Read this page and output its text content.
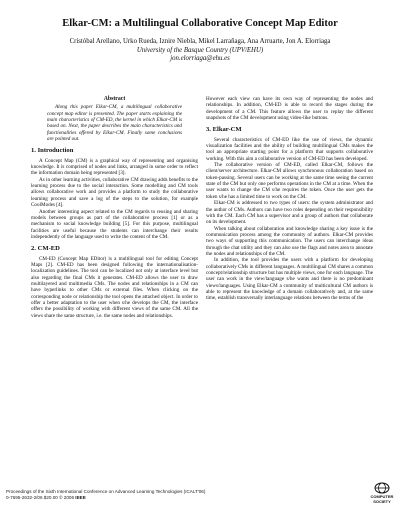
Elkar-CM: a Multilingual Collaborative Concept Map Editor
Cristóbal Arellano, Urko Rueda, Iznire Niebla, Mikel Larrañaga, Ana Arruarte, Jon A. Elorriaga
University of the Basque Country (UPV/EHU)
jon.elorriaga@ehu.es
Abstract

Along this paper Elkar-CM, a multilingual collaborative concept map editor is presented. The paper starts explaining the main characteristics of CM-ED, the kernel in which Elkar-CM is based on. Next, the paper describes the main characteristics and functionalities offered by Elkar-CM. Finally some conclusions are pointed out.

1. Introduction

A Concept Map (CM) is a graphical way of representing and organising knowledge. It is comprised of nodes and links, arranged in some order to reflect the information domain being represented [3].

As in other learning activities, collaborative CM drawing adds benefits to the learning process due to the social interaction. Some modelling and CM tools allows collaborative work and provides a platform to study the collaborative learning process and save a log of the steps to the solution, for example CoolModes [4].

Another interesting aspect related to the CM regards to reusing and sharing models between groups as part of the collaborative process [1] or as a mechanism to social knowledge building [5]. For this purpose, multilingual facilities are useful because the students can interchange their results independently of the language used to write the content of the CM.

2. CM-ED

CM-ED (Concept Map EDitor) is a multilingual tool for editing Concept Maps [2]. CM-ED has been designed following the internationalisation-localization guidelines. The tool can be localized not only at interface level but also regarding the final CMs it generates. CM-ED allows the user to draw multilayered and multimedia CMs. The nodes and relationships in a CM can have hyperlinks to other CMs or external files. When clicking on the corresponding node or relationship the tool opens the attached object. In order to offer a better adaptation to the user when s/he develops the CM, the interface offers the possibility of working with different views of the same CM. All the views share the same structure, i.e. the same nodes and relationships.

However each view can have its own way of representing the nodes and relationships. In addition, CM-ED is able to record the stages during the development of a CM. This feature allows the user to replay the different snapshots of the CM development using video-like buttons.

3. Elkar-CM

Several characteristics of CM-ED like the use of views, the dynamic visualization facilities and the ability of building multilingual CMs makes the tool an appropriate starting point for a platform that supports collaborative working. With this aim a collaborative version of CM-ED has been developed.

The collaborative version of CM-ED, called Elkar-CM, follows the client/server architecture. Elkar-CM allows synchronous collaboration based on token-passing. Several users can be working at the same time seeing the current state of the CM but only one performs operations in the CM at a time. When the user wants to change the CM s/he requires the token. Once the user gets the token s/he has a limited time to work on the CM.

Elkar-CM is addressed to two types of users: the system administrator and the author of CMs. Authors can have two roles depending on their responsibility with the CM. Each CM has a supervisor and a group of authors that collaborate on its development.

When talking about collaboration and knowledge sharing a key issue is the communication process among the community of authors. Elkar-CM provides two ways of supporting this communication. The users can interchange ideas through the chat utility and they can also use the flags and notes area to annotate the nodes and relationships of the CM.

In addition, the tool provides the users with a platform for developing collaboratively CMs in different languages. A multilingual CM shares a common concept/relationship structure but has multiple views, one for each language. The user can work in the view/language s/he wants and there is no predominant views/languages. Using Elkar-CM a community of multicultural CM authors is able to represent the knowledge of a domain collaboratively and, at the same time, establish transversally interlanguage relations between the terms of the

Proceedings of the Sixth International Conference on Advanced Learning Technologies (ICALT'06)
0-7695-2632-2/06 $20.00 © 2006 IEEE	COMPUTER
SOCIETY
